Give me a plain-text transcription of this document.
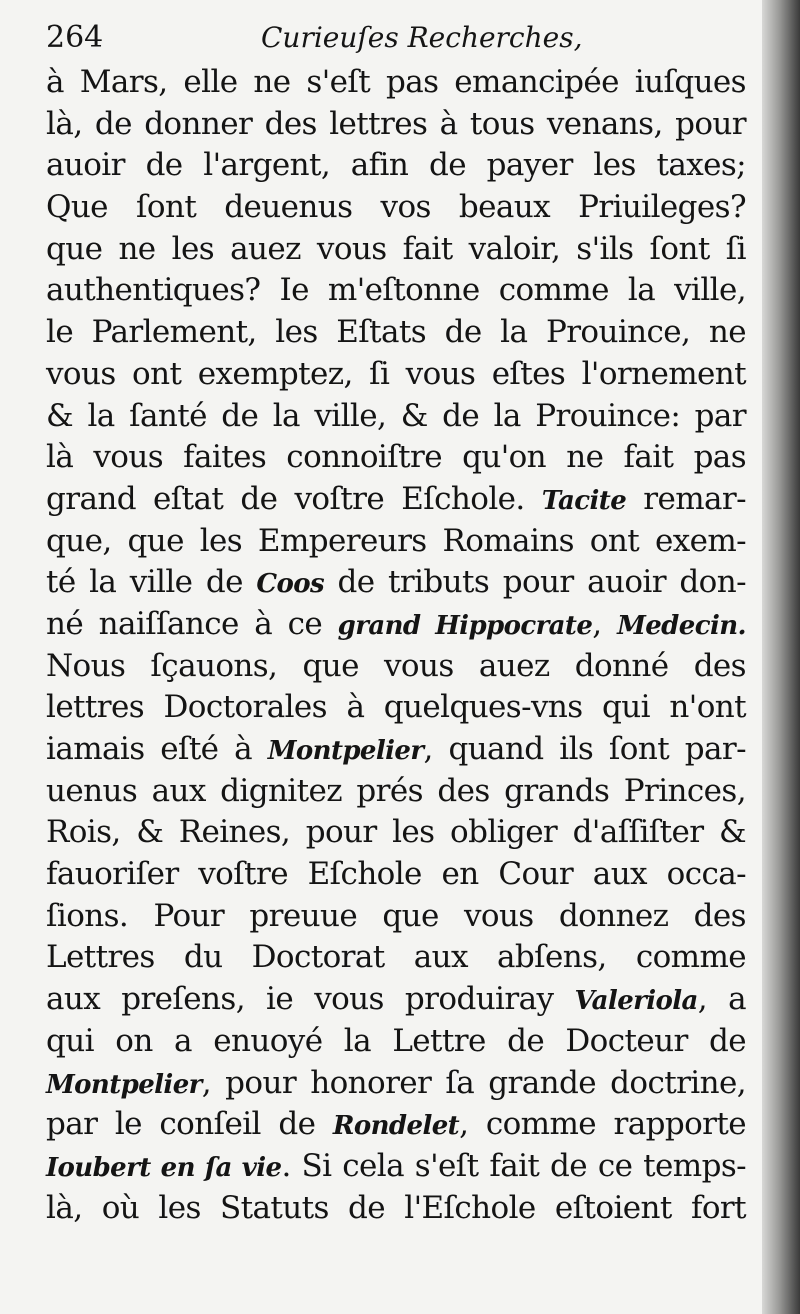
264	Curieuſes Recherches,
à Mars, elle ne s'eſt pas emancipée iuſques
là, de donner des lettres à tous venans, pour
auoir de l'argent, afin de payer les taxes;
Que ſont deuenus vos beaux Priuileges?
que ne les auez vous fait valoir, s'ils ſont ſi
authentiques? Ie m'eſtonne comme la ville,
le Parlement, les Eſtats de la Prouince, ne
vous ont exemptez, ſi vous eſtes l'ornement
& la ſanté de la ville, & de la Prouince: par
là vous faites connoiſtre qu'on ne fait pas
grand eſtat de voſtre Eſchole. Tacite remar-
que, que les Empereurs Romains ont exem-
té la ville de Coos de tributs pour auoir don-
né naiſſance à ce grand Hippocrate, Medecin.
Nous ſçauons, que vous auez donné des
lettres Doctorales à quelques-vns qui n'ont
iamais eſté à Montpelier, quand ils ſont par-
uenus aux dignitez prés des grands Princes,
Rois, & Reines, pour les obliger d'aſſiſter &
fauoriſer voſtre Eſchole en Cour aux occa-
ſions. Pour preuue que vous donnez des
Lettres du Doctorat aux abſens, comme
aux preſens, ie vous produiray Valeriola, a
qui on a enuoyé la Lettre de Docteur de
Montpelier, pour honorer ſa grande doctrine,
par le conſeil de Rondelet, comme rapporte
Ioubert en ſa vie. Si cela s'eſt fait de ce temps-
là, où les Statuts de l'Eſchole eſtoient fort
